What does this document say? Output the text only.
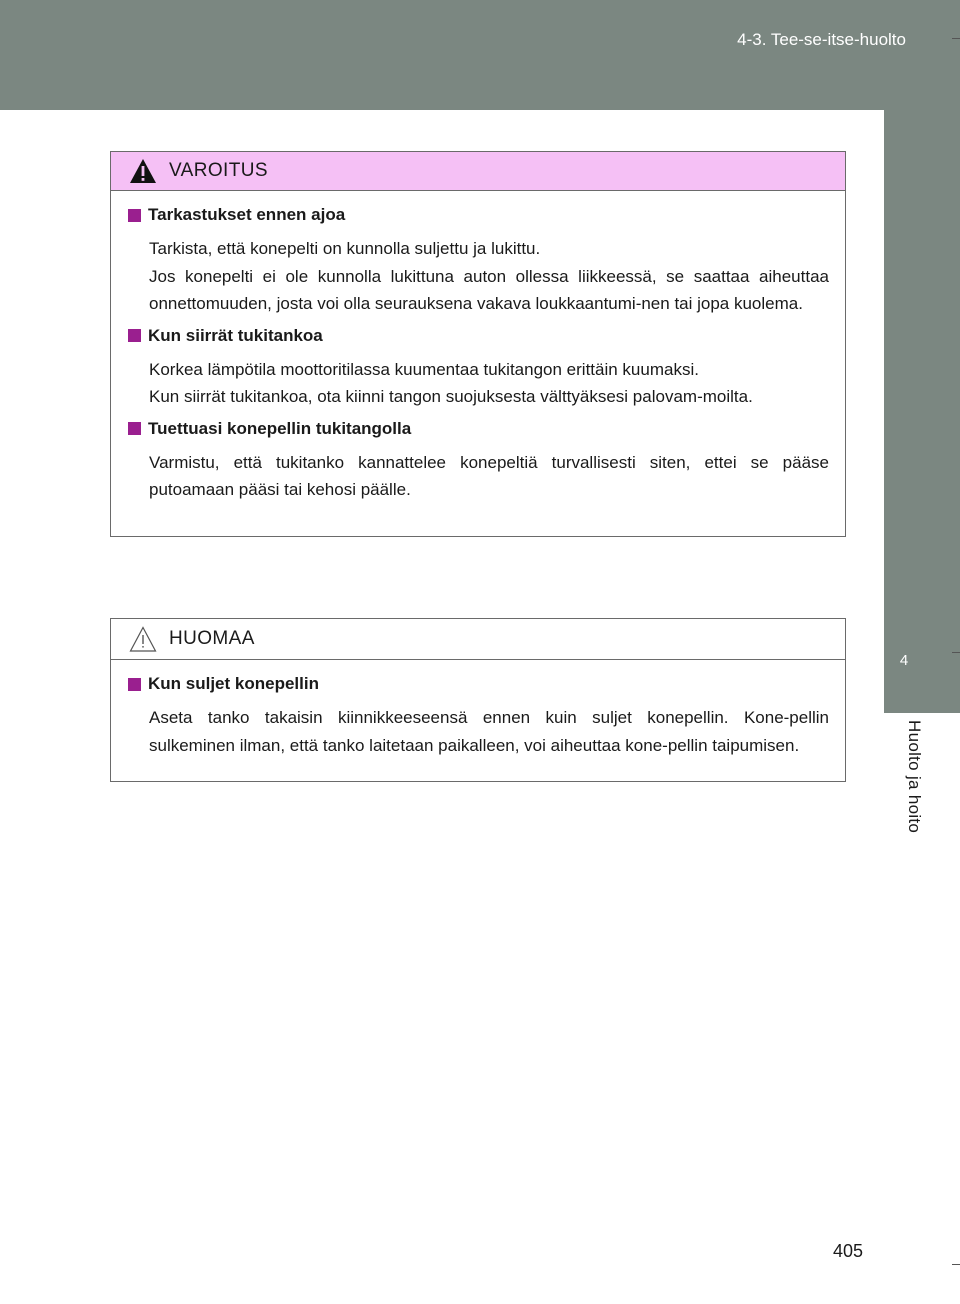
4-3. Tee-se-itse-huolto
4
Huolto ja hoito
VAROITUS
Tarkastukset ennen ajoa

Tarkista, että konepelti on kunnolla suljettu ja lukittu.

Jos konepelti ei ole kunnolla lukittuna auton ollessa liikkeessä, se saattaa aiheuttaa onnettomuuden, josta voi olla seurauksena vakava loukkaantumi-nen tai jopa kuolema.

Kun siirrät tukitankoa

Korkea lämpötila moottoritilassa kuumentaa tukitangon erittäin kuumaksi.

Kun siirrät tukitankoa, ota kiinni tangon suojuksesta välttyäksesi palovam-moilta.

Tuettuasi konepellin tukitangolla

Varmistu, että tukitanko kannattelee konepeltiä turvallisesti siten, ettei se pääse putoamaan pääsi tai kehosi päälle.

HUOMAA
Kun suljet konepellin

Aseta tanko takaisin kiinnikkeeseensä ennen kuin suljet konepellin. Kone-pellin sulkeminen ilman, että tanko laitetaan paikalleen, voi aiheuttaa kone-pellin taipumisen.

405
